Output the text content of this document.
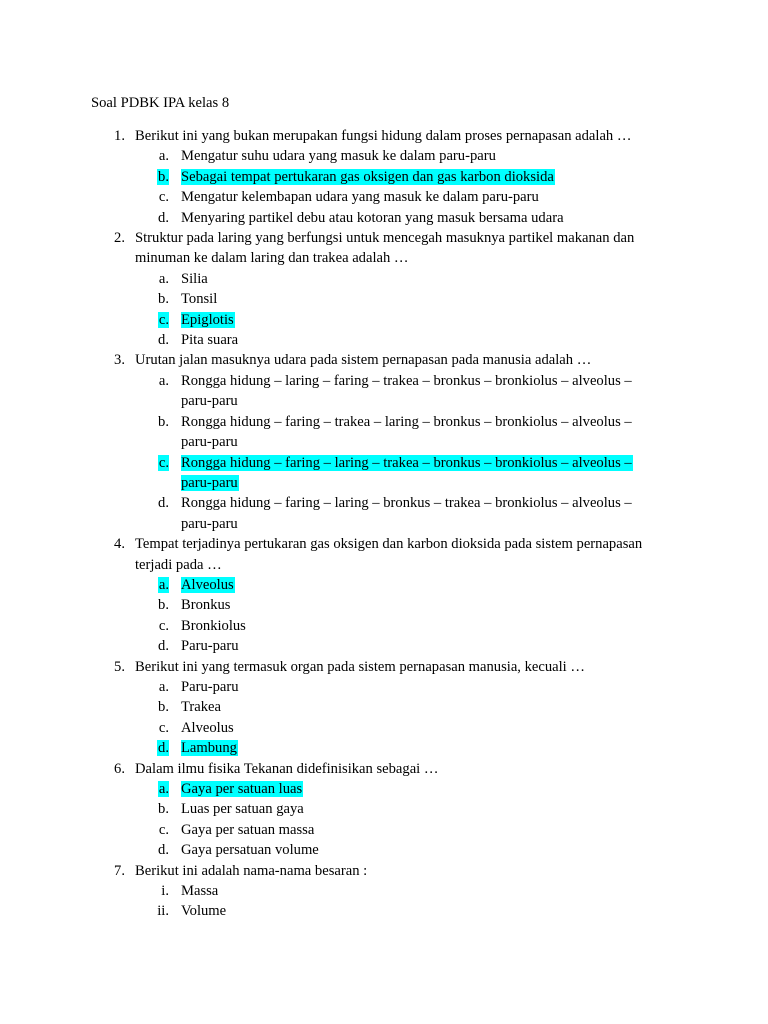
Soal PDBK IPA kelas 8
1. Berikut ini yang bukan merupakan fungsi hidung dalam proses pernapasan adalah …
a. Mengatur suhu udara yang masuk ke dalam paru-paru
b. Sebagai tempat pertukaran gas oksigen dan gas karbon dioksida
c. Mengatur kelembapan udara yang masuk ke dalam paru-paru
d. Menyaring partikel debu atau kotoran yang masuk bersama udara
2. Struktur pada laring yang berfungsi untuk mencegah masuknya partikel makanan dan minuman ke dalam laring dan trakea adalah …
a. Silia
b. Tonsil
c. Epiglotis
d. Pita suara
3. Urutan jalan masuknya udara pada sistem pernapasan pada manusia adalah …
a. Rongga hidung – laring – faring – trakea – bronkus – bronkiolus – alveolus – paru-paru
b. Rongga hidung – faring – trakea – laring – bronkus – bronkiolus – alveolus – paru-paru
c. Rongga hidung – faring – laring – trakea – bronkus – bronkiolus – alveolus – paru-paru
d. Rongga hidung – faring – laring – bronkus – trakea – bronkiolus – alveolus – paru-paru
4. Tempat terjadinya pertukaran gas oksigen dan karbon dioksida pada sistem pernapasan terjadi pada …
a. Alveolus
b. Bronkus
c. Bronkiolus
d. Paru-paru
5. Berikut ini yang termasuk organ pada sistem pernapasan manusia, kecuali …
a. Paru-paru
b. Trakea
c. Alveolus
d. Lambung
6. Dalam ilmu fisika Tekanan didefinisikan sebagai …
a. Gaya per satuan luas
b. Luas per satuan gaya
c. Gaya per satuan massa
d. Gaya persatuan volume
7. Berikut ini adalah nama-nama besaran :
i. Massa
ii. Volume
